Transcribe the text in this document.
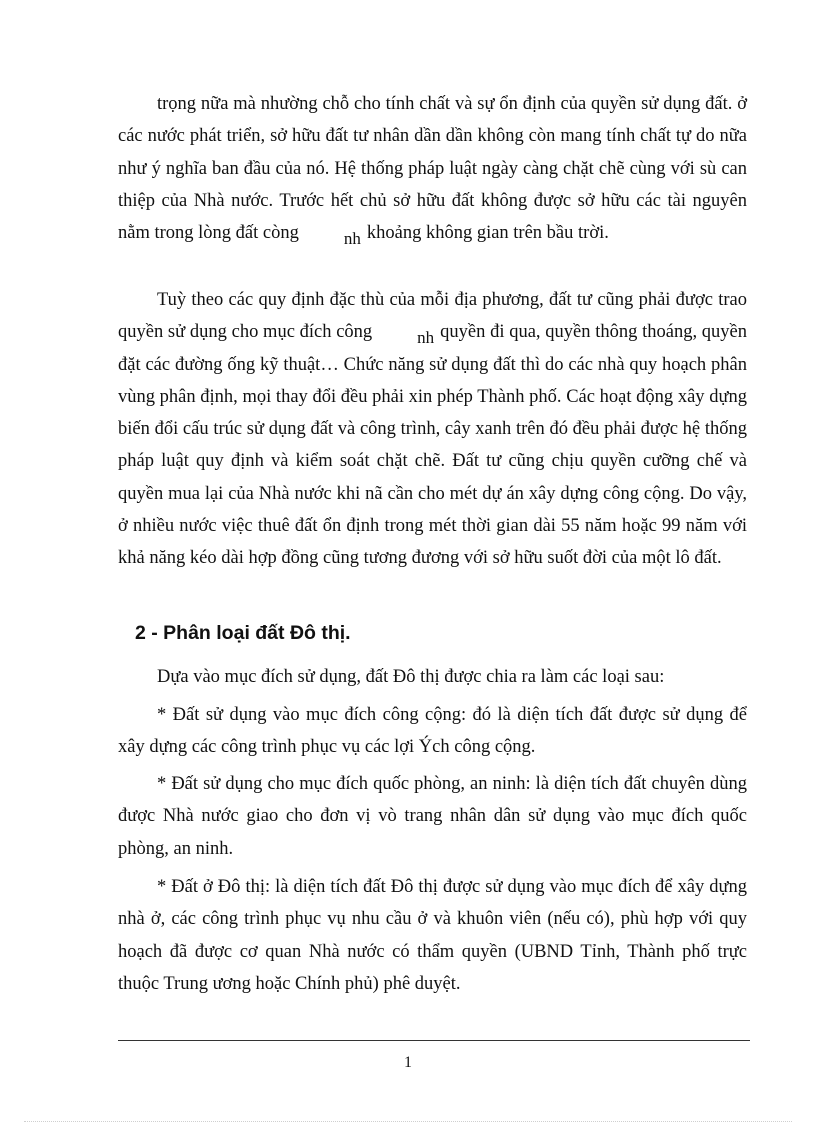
trọng nữa mà nhường chỗ cho tính chất và sự ổn định của quyền sử dụng đất. ở các nước phát triển, sở hữu đất tư nhân dần dần không còn mang tính chất tự do nữa như ý nghĩa ban đầu của nó. Hệ thống pháp luật ngày càng chặt chẽ cùng với sù can thiệp của Nhà nước. Trước hết chủ sở hữu đất không được sở hữu các tài nguyên nằm trong lòng đất còng	nh khoảng không gian trên bầu trời.

Tuỳ theo các quy định đặc thù của mỗi địa phương, đất tư cũng phải được trao quyền sử dụng cho mục đích công	nh quyền đi qua, quyền thông thoáng, quyền đặt các đường ống kỹ thuật… Chức năng sử dụng đất thì do các nhà quy hoạch phân vùng phân định, mọi thay đổi đều phải xin phép Thành phố. Các hoạt động xây dựng biến đổi cấu trúc sử dụng đất và công trình, cây xanh trên đó đều phải được hệ thống pháp luật quy định và kiểm soát chặt chẽ. Đất tư cũng chịu quyền cưỡng chế và quyền mua lại của Nhà nước khi nã cần cho mét dự án xây dựng công cộng. Do vậy, ở nhiều nước việc thuê đất ổn định trong mét thời gian dài 55 năm hoặc 99 năm với khả năng kéo dài hợp đồng cũng tương đương với sở hữu suốt đời của một lô đất.

2 - Phân loại đất Đô thị.

Dựa vào mục đích sử dụng, đất Đô thị được chia ra làm các loại sau:

* Đất sử dụng vào mục đích công cộng: đó là diện tích đất được sử dụng để xây dựng các công trình phục vụ các lợi Ých công cộng.

* Đất sử dụng cho mục đích quốc phòng, an ninh: là diện tích đất chuyên dùng được Nhà nước giao cho đơn vị vò trang nhân dân sử dụng vào mục đích quốc phòng, an ninh.

* Đất ở Đô thị: là diện tích đất Đô thị được sử dụng vào mục đích để xây dựng nhà ở, các công trình phục vụ nhu cầu ở và khuôn viên (nếu có), phù hợp với quy hoạch đã được cơ quan Nhà nước có thẩm quyền (UBND Tỉnh, Thành phố trực thuộc Trung ương hoặc Chính phủ) phê duyệt.

1
